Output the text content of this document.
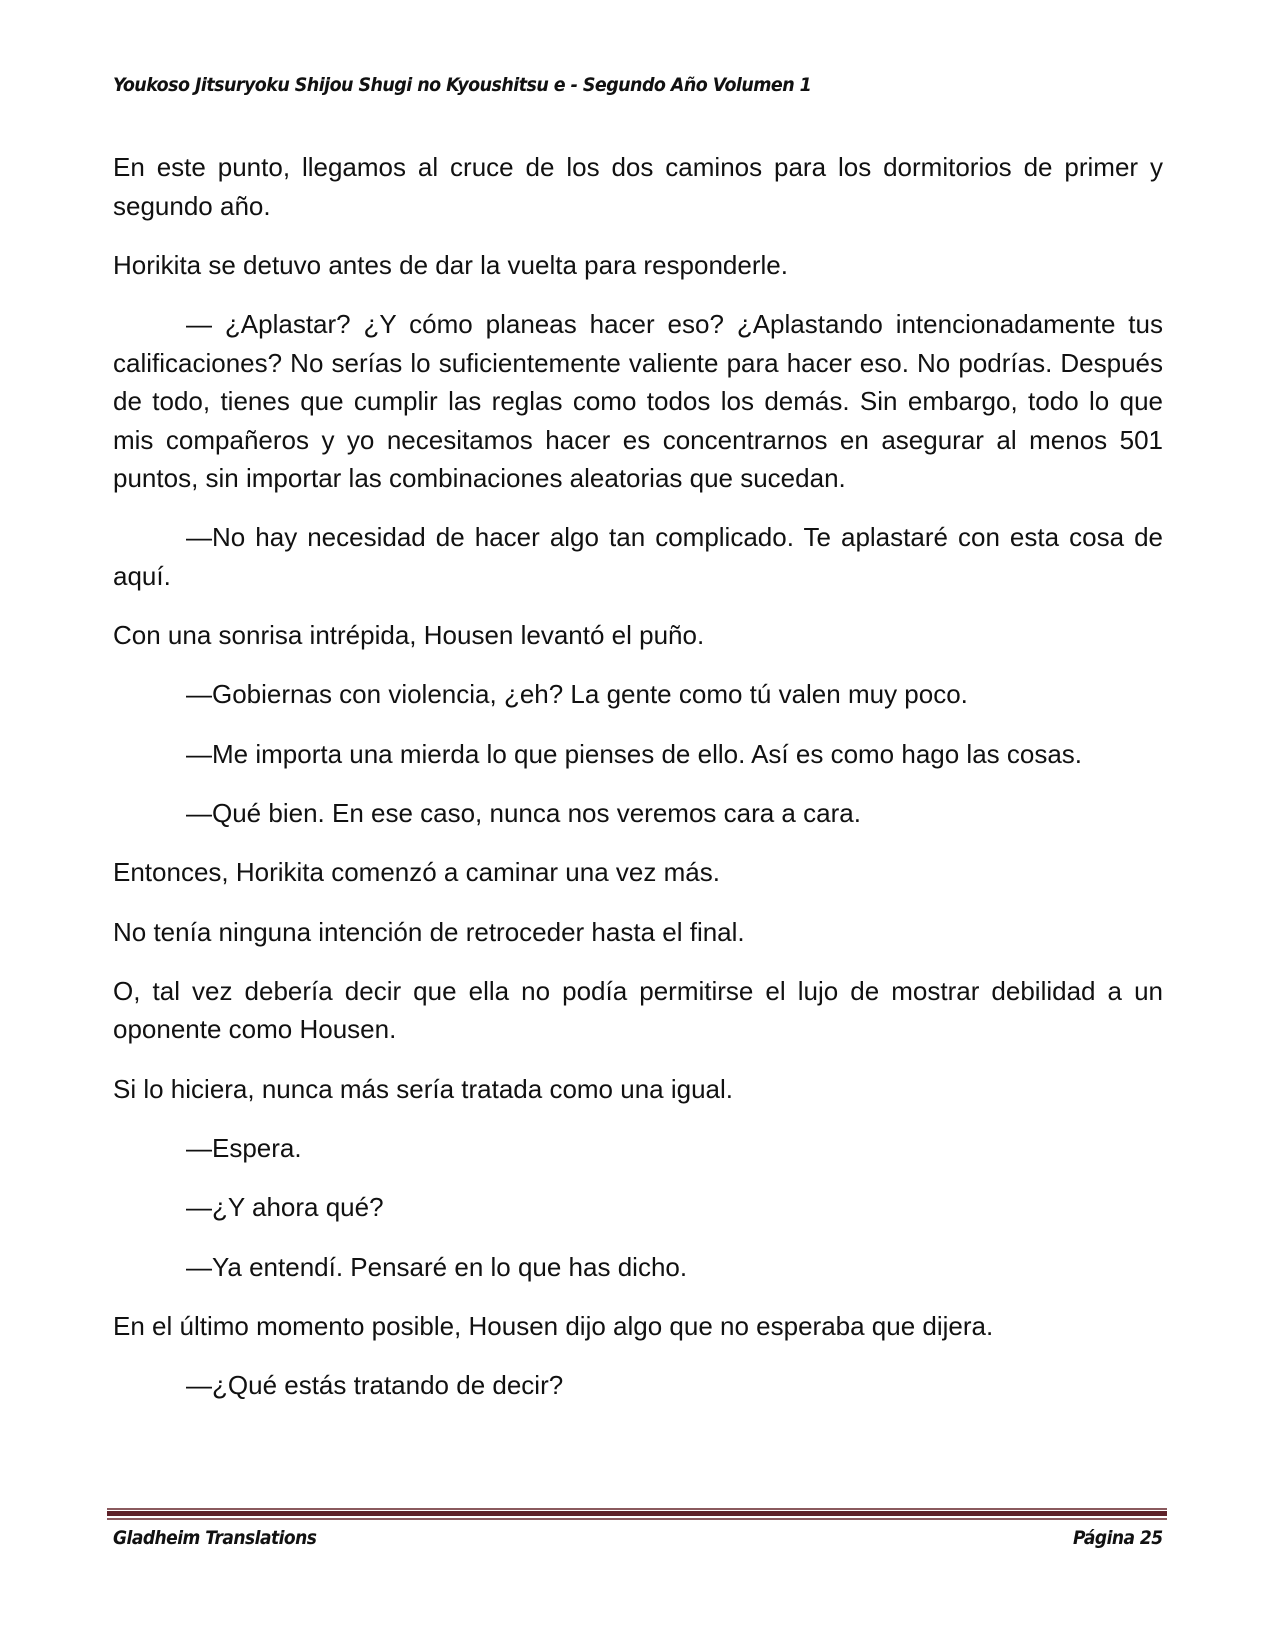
Youkoso Jitsuryoku Shijou Shugi no Kyoushitsu e - Segundo Año Volumen 1

En este punto, llegamos al cruce de los dos caminos para los dormitorios de primer y segundo año.

Horikita se detuvo antes de dar la vuelta para responderle.

— ¿Aplastar? ¿Y cómo planeas hacer eso? ¿Aplastando intencionadamente tus calificaciones? No serías lo suficientemente valiente para hacer eso. No podrías. Después de todo, tienes que cumplir las reglas como todos los demás. Sin embargo, todo lo que mis compañeros y yo necesitamos hacer es concentrarnos en asegurar al menos 501 puntos, sin importar las combinaciones aleatorias que sucedan.

—No hay necesidad de hacer algo tan complicado. Te aplastaré con esta cosa de aquí.

Con una sonrisa intrépida, Housen levantó el puño.

—Gobiernas con violencia, ¿eh? La gente como tú valen muy poco.

—Me importa una mierda lo que pienses de ello. Así es como hago las cosas.

—Qué bien. En ese caso, nunca nos veremos cara a cara.

Entonces, Horikita comenzó a caminar una vez más.

No tenía ninguna intención de retroceder hasta el final.

O, tal vez debería decir que ella no podía permitirse el lujo de mostrar debilidad a un oponente como Housen.

Si lo hiciera, nunca más sería tratada como una igual.

—Espera.

—¿Y ahora qué?

—Ya entendí. Pensaré en lo que has dicho.

En el último momento posible, Housen dijo algo que no esperaba que dijera.

—¿Qué estás tratando de decir?

Gladheim Translations	Página 25
